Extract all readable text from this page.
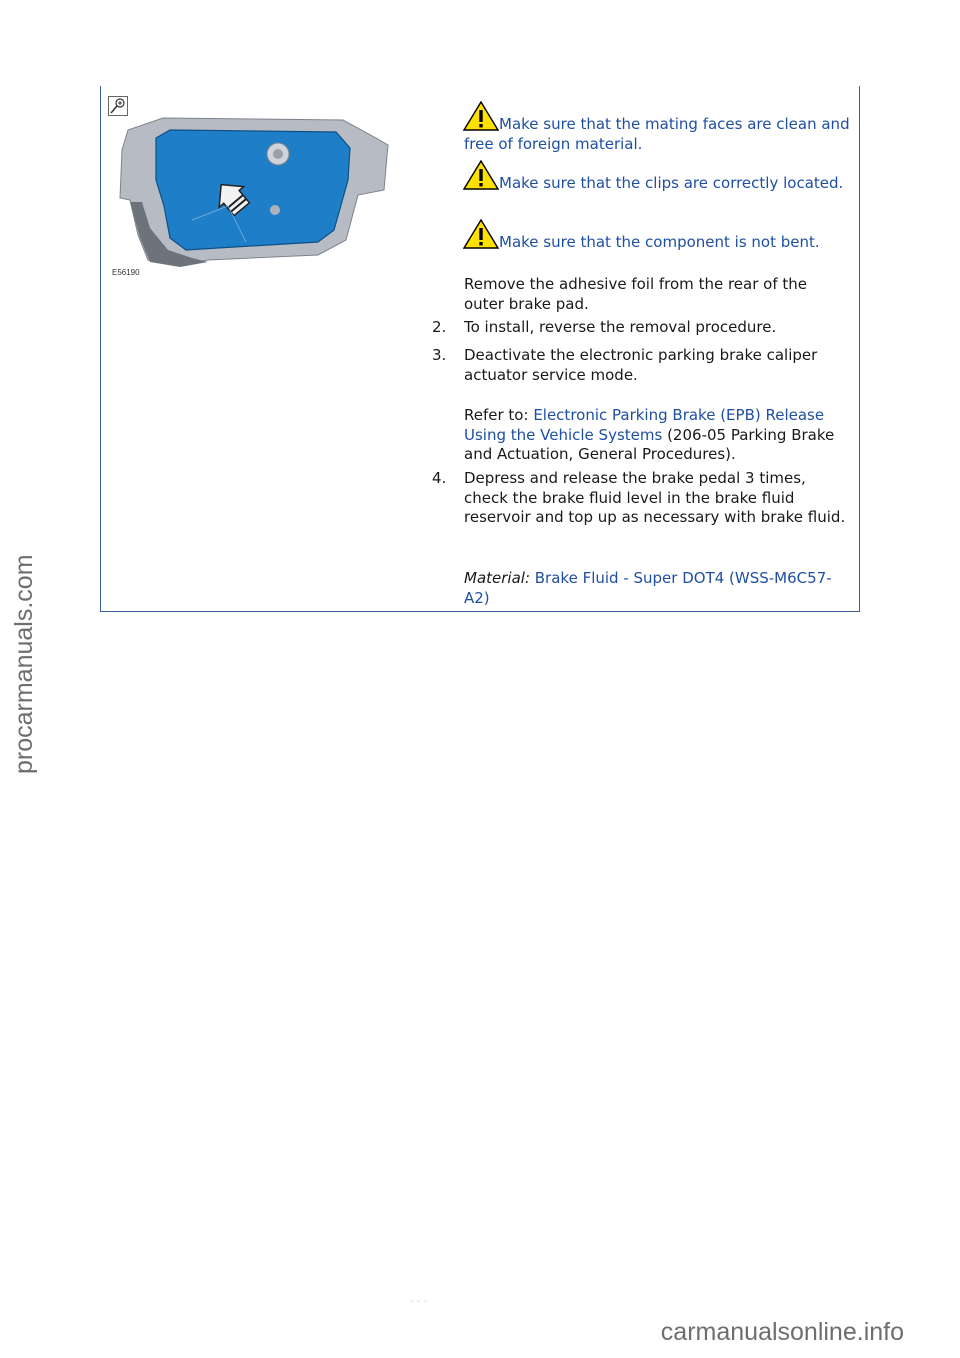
E56190
Make sure that the mating faces are clean and free of foreign material.
Make sure that the clips are correctly located.
Make sure that the component is not bent.
Remove the adhesive foil from the rear of the outer brake pad.
2. To install, reverse the removal procedure.
3. Deactivate the electronic parking brake caliper actuator service mode.
Refer to: Electronic Parking Brake (EPB) Release Using the Vehicle Systems (206-05 Parking Brake and Actuation, General Procedures).
4. Depress and release the brake pedal 3 times, check the brake fluid level in the brake fluid reservoir and top up as necessary with brake fluid.
Material: Brake Fluid - Super DOT4 (WSS-M6C57-A2)
- - -
procarmanuals.com
carmanualsonline.info
